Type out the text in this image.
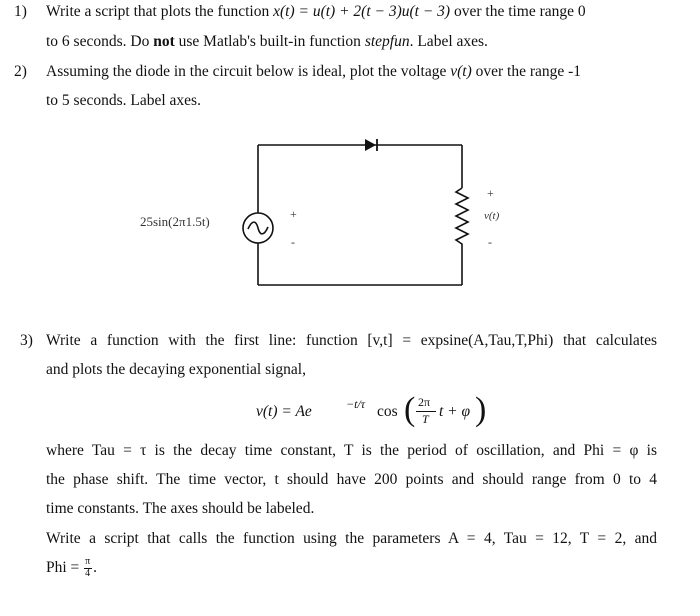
1) Write a script that plots the function x(t) = u(t) + 2(t − 3)u(t − 3) over the time range 0
to 6 seconds. Do not use Matlab's built-in function stepfun. Label axes.
2) Assuming the diode in the circuit below is ideal, plot the voltage v(t) over the range -1
to 5 seconds. Label axes.
25sin(2π1.5t)	+
-
+
v(t)
-
3) Write a function with the first line: function [v,t] = expsine(A,Tau,T,Phi) that calculates
and plots the decaying exponential signal,
v(t) = Ae	−t/τ cos ( 2π
T t + φ )
where Tau = τ is the decay time constant, T is the period of oscillation, and Phi = φ is
the phase shift. The time vector, t should have 200 points and should range from 0 to 4
time constants. The axes should be labeled.
Write a script that calls the function using the parameters A = 4, Tau = 12, T = 2, and
Phi = $\frac{\pi}{4}$ .
